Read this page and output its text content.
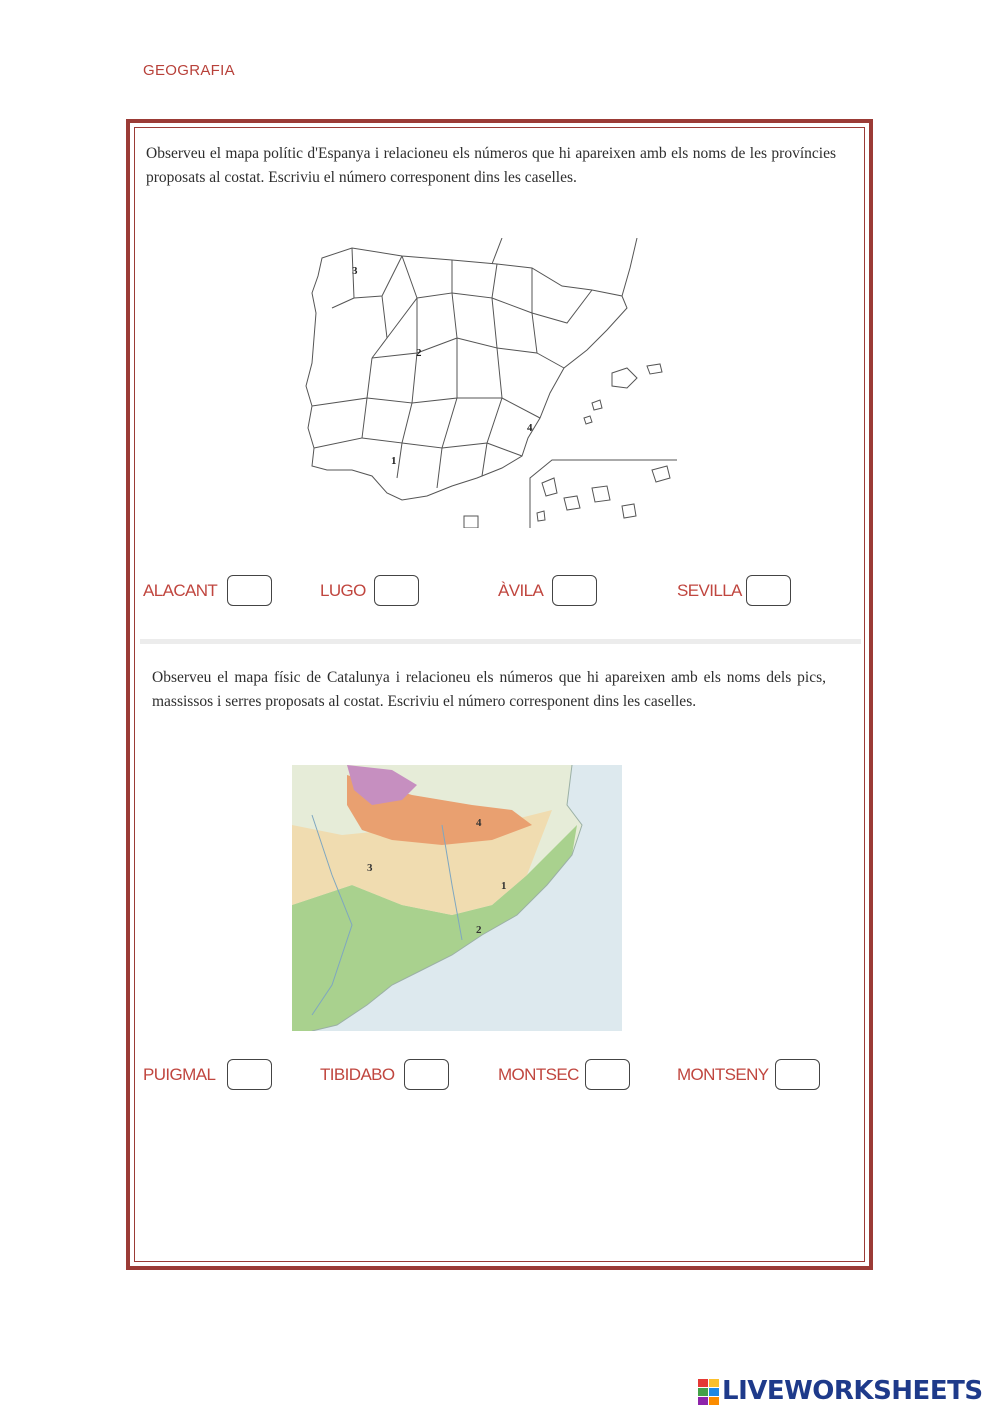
GEOGRAFIA
Observeu el mapa polític d'Espanya i relacioneu els números que hi apareixen amb els noms de les províncies proposats al costat. Escriviu el número corresponent dins les caselles.
3
2
4
1
ALACANT	LUGO	ÀVILA	SEVILLA
Observeu el mapa físic de Catalunya i relacioneu els números que hi apareixen amb els noms dels pics, massissos i serres proposats al costat. Escriviu el número corresponent dins les caselles.
4
3
1
2
PUIGMAL	TIBIDABO	MONTSEC	MONTSENY
LIVEWORKSHEETS
